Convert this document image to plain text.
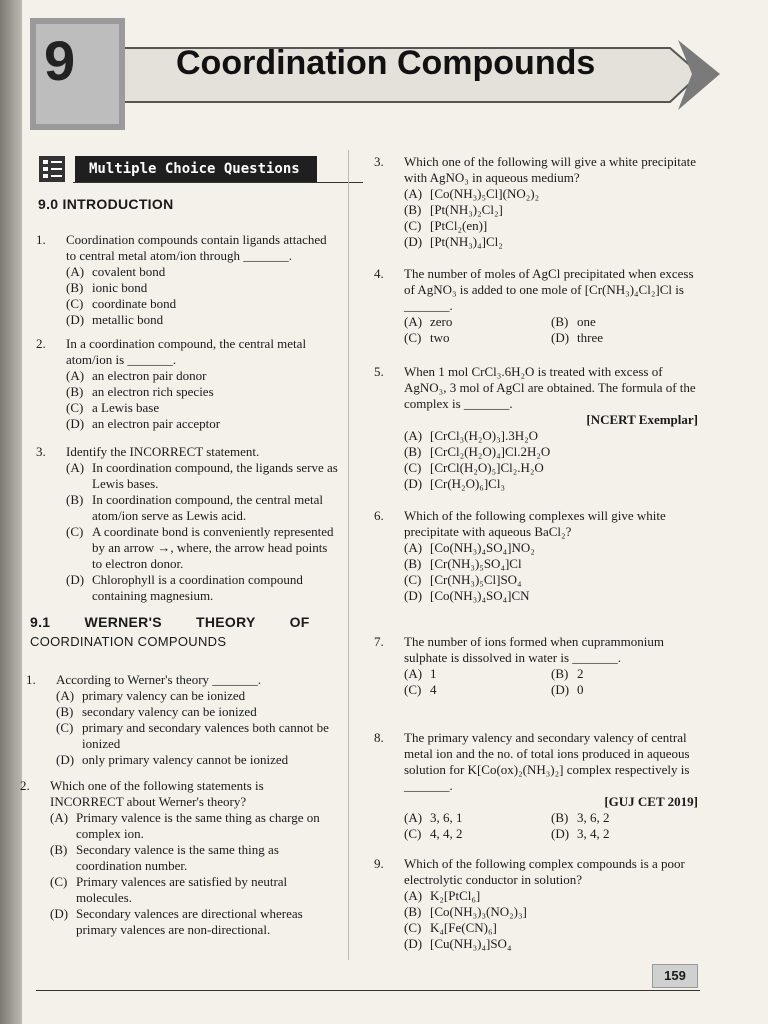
9	Coordination Compounds
Multiple Choice Questions
9.0 INTRODUCTION
1. Coordination compounds contain ligands attached to central metal atom/ion through _______.
(A) covalent bond
(B) ionic bond
(C) coordinate bond
(D) metallic bond
2. In a coordination compound, the central metal atom/ion is _______.
(A) an electron pair donor
(B) an electron rich species
(C) a Lewis base
(D) an electron pair acceptor
3. Identify the INCORRECT statement.
(A) In coordination compound, the ligands serve as Lewis bases.
(B) In coordination compound, the central metal atom/ion serve as Lewis acid.
(C) A coordinate bond is conveniently represented by an arrow →, where, the arrow head points to electron donor.
(D) Chlorophyll is a coordination compound containing magnesium.
9.1 WERNER'S THEORY OF
COORDINATION COMPOUNDS
1. According to Werner's theory _______.
(A) primary valency can be ionized
(B) secondary valency can be ionized
(C) primary and secondary valences both cannot be ionized
(D) only primary valency cannot be ionized
2. Which one of the following statements is INCORRECT about Werner's theory?
(A) Primary valence is the same thing as charge on complex ion.
(B) Secondary valence is the same thing as coordination number.
(C) Primary valences are satisfied by neutral molecules.
(D) Secondary valences are directional whereas primary valences are non-directional.
3. Which one of the following will give a white precipitate with AgNO₃ in aqueous medium?
(A) [Co(NH₃)₅Cl](NO₂)₂
(B) [Pt(NH₃)₂Cl₂]
(C) [PtCl₂(en)]
(D) [Pt(NH₃)₄]Cl₂
4. The number of moles of AgCl precipitated when excess of AgNO₃ is added to one mole of [Cr(NH₃)₄Cl₂]Cl is _______.
(A) zero	(B) one
(C) two	(D) three
5. When 1 mol CrCl₃.6H₂O is treated with excess of AgNO₃, 3 mol of AgCl are obtained. The formula of the complex is _______.
[NCERT Exemplar]
(A) [CrCl₃(H₂O)₃].3H₂O
(B) [CrCl₂(H₂O)₄]Cl.2H₂O
(C) [CrCl(H₂O)₅]Cl₂.H₂O
(D) [Cr(H₂O)₆]Cl₃
6. Which of the following complexes will give white precipitate with aqueous BaCl₂?
(A) [Co(NH₃)₄SO₄]NO₂
(B) [Cr(NH₃)₅SO₄]Cl
(C) [Cr(NH₃)₅Cl]SO₄
(D) [Co(NH₃)₄SO₄]CN
7. The number of ions formed when cuprammonium sulphate is dissolved in water is _______.
(A) 1	(B) 2
(C) 4	(D) 0
8. The primary valency and secondary valency of central metal ion and the no. of total ions produced in aqueous solution for K[Co(ox)₂(NH₃)₂] complex respectively is _______.
[GUJ CET 2019]
(A) 3, 6, 1	(B) 3, 6, 2
(C) 4, 4, 2	(D) 3, 4, 2
9. Which of the following complex compounds is a poor electrolytic conductor in solution?
(A) K₂[PtCl₆]
(B) [Co(NH₃)₃(NO₂)₃]
(C) K₄[Fe(CN)₆]
(D) [Cu(NH₃)₄]SO₄
159
